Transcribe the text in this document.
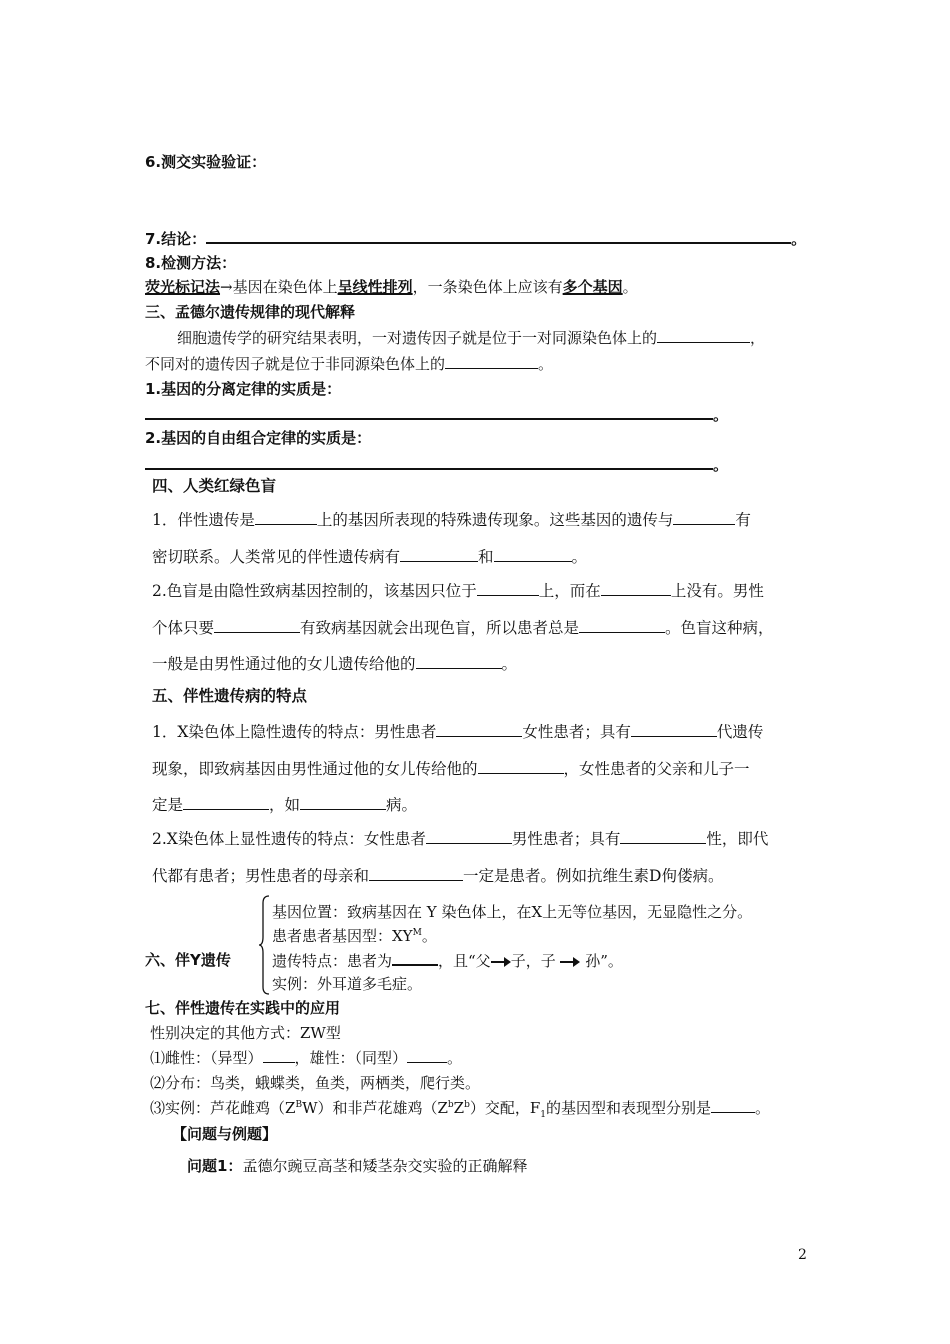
6.测交实验验证：
7.结论：	。
8.检测方法：
荧光标记法→基因在染色体上呈线性排列，一条染色体上应该有多个基因。
三、孟德尔遗传规律的现代解释
细胞遗传学的研究结果表明，一对遗传因子就是位于一对同源染色体上的	，
不同对的遗传因子就是位于非同源染色体上的	。
1.基因的分离定律的实质是：
。
2.基因的自由组合定律的实质是：
。
四、人类红绿色盲
1．伴性遗传是	上的基因所表现的特殊遗传现象。这些基因的遗传与	有
密切联系。人类常见的伴性遗传病有	和	。
2.色盲是由隐性致病基因控制的，该基因只位于	上，而在	上没有。男性
个体只要	有致病基因就会出现色盲，所以患者总是	。色盲这种病，
一般是由男性通过他的女儿遗传给他的	。
五、伴性遗传病的特点
1．X染色体上隐性遗传的特点：男性患者	女性患者；具有	代遗传
现象，即致病基因由男性通过他的女儿传给他的	，女性患者的父亲和儿子一
定是	，如	病。
2.X染色体上显性遗传的特点：女性患者	男性患者；具有	性，即代
代都有患者；男性患者的母亲和	一定是患者。例如抗维生素D佝偻病。
六、伴Y遗传
基因位置：致病基因在 Y 染色体上，在X上无等位基因，无显隐性之分。
患者患者基因型：$XY^M$。
遗传特点：患者为	，且“父 子，子  孙”。
实例：外耳道多毛症。
七、伴性遗传在实践中的应用
性别决定的其他方式：ZW型
⑴雌性：（异型） ，雄性：（同型）	。
⑵分布：鸟类，蛾蝶类，鱼类，两栖类，爬行类。
⑶实例：芦花雌鸡$(Z^BW)$和非芦花雄鸡$(Z^bZ^b)$交配，$F_1$的基因型和表现型分别是	。
【问题与例题】
问题1：孟德尔豌豆高茎和矮茎杂交实验的正确解释
2
